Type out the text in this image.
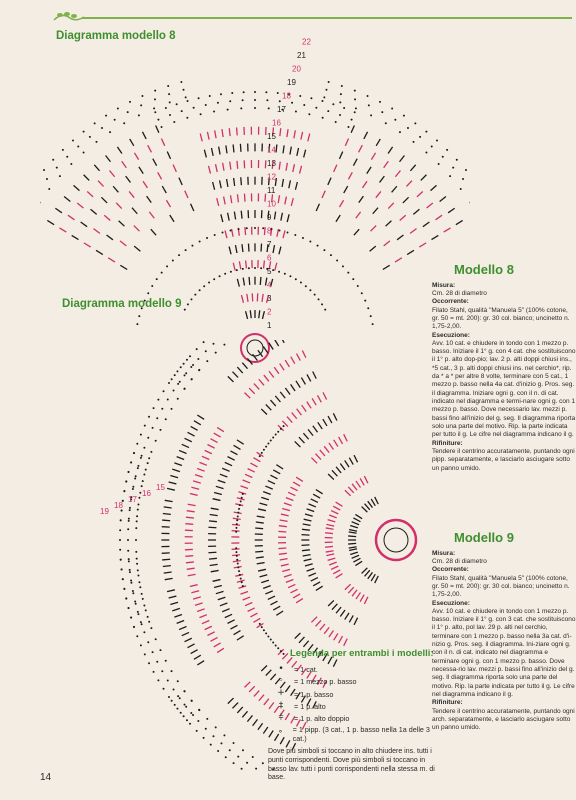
Diagramma modello 8
1
2
3
4
5
6
7
8
9
10
11
12
13
14
15
16
17
18
19
20
21
22
Diagramma modello 9
15
16
17
18
19
Legenda per entrambi i modelli:
•	= 1 cat.
◦	= 1 mezzo p. basso
+	= 1 p. basso
‡	= 1 p. alto
⫩	= 1 p. alto doppio
ᐤ	= 1 pipp. (3 cat., 1 p. basso nella 1a delle 3 cat.)
Dove più simboli si toccano in alto chiudere ins. tutti i punti corrispondenti. Dove più simboli si toccano in basso lav. tutti i punti corrispondenti nella stessa m. di base.
Modello 8

Misura:

Cm. 28 di diametro

Occorrente:

Filato Stahl, qualità "Manuela 5" (100% cotone, gr. 50 = mt. 200): gr. 30 col. bianco; uncinetto n. 1,75-2,00.

Esecuzione:

Avv. 10 cat. e chiudere in tondo con 1 mezzo p. basso. Iniziare il 1° g. con 4 cat. che sostituiscono il 1° p. alto dop-pio; lav. 2 p. alti doppi chiusi ins., *5 cat., 3 p. alti doppi chiusi ins. nel cerchio*, rip. da * a * per altre 8 volte, terminare con 5 cat., 1 mezzo p. basso nella 4a cat. d'inizio g. Pros. seg. il diagramma. Iniziare ogni g. con il n. di cat. indicato nel diagramma e termi-nare ogni g. con 1 mezzo p. basso. Dove necessario lav. mezzi p. bassi fino all'inizio del g. seg. Il diagramma riporta solo una parte del motivo. Rip. la parte indicata per tutto il g. Le cifre nel diagramma indicano il g.

Rifiniture:

Tendere il centrino accuratamente, puntando ogni pipp. separatamente, e lasciarlo asciugare sotto un panno umido.

Modello 9

Misura:

Cm. 28 di diametro

Occorrente:

Filato Stahl, qualità "Manuela 5" (100% cotone, gr. 50 = mt. 200): gr. 30 col. bianco; uncinetto n. 1,75-2,00.

Esecuzione:

Avv. 10 cat. e chiudere in tondo con 1 mezzo p. basso. Iniziare il 1° g. con 3 cat. che sostituiscono il 1° p. alto, pol lav. 29 p. alti nel cerchio, terminare con 1 mezzo p. basso nella 3a cat. d'i-nizio g. Pros. seg. il diagramma. Ini-ziare ogni g. con il n. di cat. indicato nel diagramma e terminare ogni g. con 1 mezzo p. basso. Dove necessa-rio lav. mezzi p. bassi fino all'inizio del g. seg. Il diagramma riporta solo una parte del motivo. Rip. la parte indicata per tutto il g. Le cifre nel diagramma indicano il g.

Rifiniture:

Tendere il centrino accuratamente, puntando ogni arch. separatamente, e lasciarlo asciugare sotto un panno umido.

14
